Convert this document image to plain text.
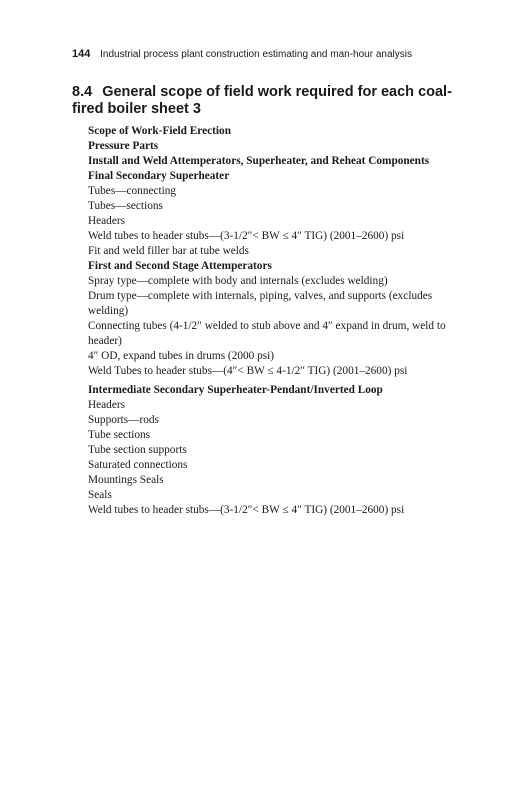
144 Industrial process plant construction estimating and man-hour analysis
8.4 General scope of field work required for each coal-fired boiler sheet 3
Scope of Work-Field Erection
Pressure Parts
Install and Weld Attemperators, Superheater, and Reheat Components
Final Secondary Superheater
Tubes—connecting
Tubes—sections
Headers
Weld tubes to header stubs—(3-1/2″< BW ≤ 4″ TIG) (2001–2600) psi
Fit and weld filler bar at tube welds
First and Second Stage Attemperators
Spray type—complete with body and internals (excludes welding)
Drum type—complete with internals, piping, valves, and supports (excludes welding)
Connecting tubes (4-1/2″ welded to stub above and 4″ expand in drum, weld to header)
4″ OD, expand tubes in drums (2000 psi)
Weld Tubes to header stubs—(4″< BW ≤ 4-1/2″ TIG) (2001–2600) psi
Intermediate Secondary Superheater-Pendant/Inverted Loop
Headers
Supports—rods
Tube sections
Tube section supports
Saturated connections
Mountings Seals
Seals
Weld tubes to header stubs—(3-1/2″< BW ≤ 4″ TIG) (2001–2600) psi
